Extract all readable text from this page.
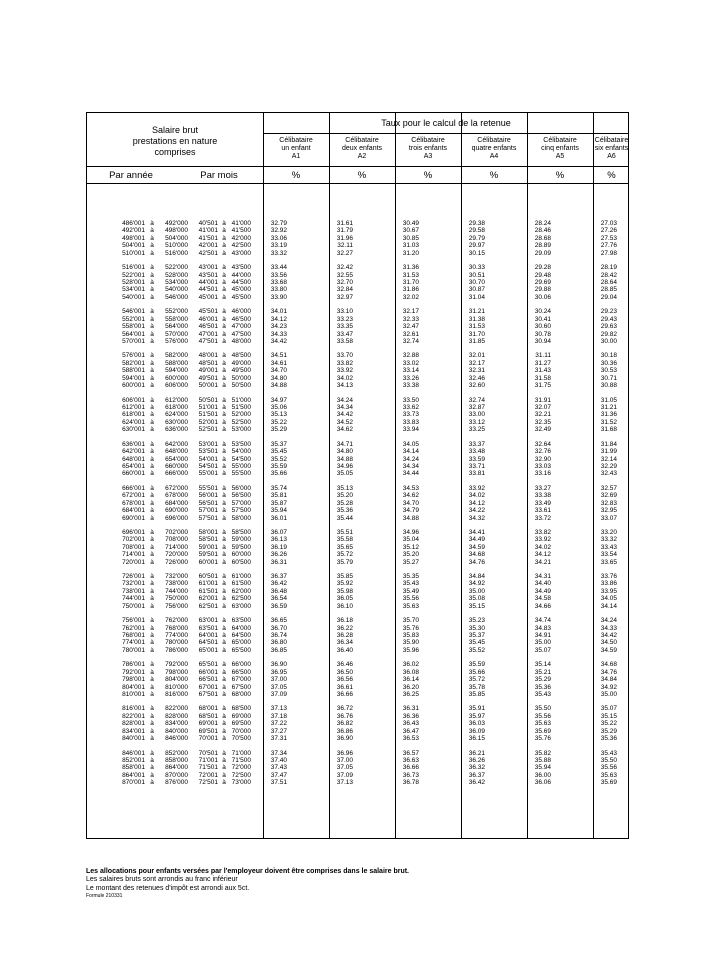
Salaire brut
prestations en nature
comprises
Taux pour le calcul de la retenue
Célibataire
un enfant
A1
Célibataire
deux enfants
A2
Célibataire
trois enfants
A3
Célibataire
quatre enfants
A4
Célibataire
cinq enfants
A5
Célibataire
six enfants
A6
Par année	Par mois	%	%	%	%	%	%
486'001 à	492'000	40'501 à 41'000	32.79	31.61	30.49	29.38	28.24	27.03
492'001 à	498'000	41'001 à 41'500	32.92	31.79	30.67	29.58	28.46	27.26
498'001 à	504'000	41'501 à 42'000	33.06	31.96	30.85	29.79	28.68	27.53
504'001 à	510'000	42'001 à 42'500	33.19	32.11	31.03	29.97	28.89	27.76
510'001 à	516'000	42'501 à 43'000	33.32	32.27	31.20	30.15	29.09	27.98
516'001 à	522'000	43'001 à 43'500	33.44	32.42	31.36	30.33	29.28	28.19
522'001 à	528'000	43'501 à 44'000	33.56	32.55	31.53	30.51	29.48	28.42
528'001 à	534'000	44'001 à 44'500	33.68	32.70	31.70	30.70	29.69	28.64
534'001 à	540'000	44'501 à 45'000	33.80	32.84	31.86	30.87	29.88	28.85
540'001 à	546'000	45'001 à 45'500	33.90	32.97	32.02	31.04	30.06	29.04
546'001 à	552'000	45'501 à 46'000	34.01	33.10	32.17	31.21	30.24	29.23
552'001 à	558'000	46'001 à 46'500	34.12	33.23	32.33	31.38	30.41	29.43
558'001 à	564'000	46'501 à 47'000	34.23	33.35	32.47	31.53	30.60	29.63
564'001 à	570'000	47'001 à 47'500	34.33	33.47	32.61	31.70	30.78	29.82
570'001 à	576'000	47'501 à 48'000	34.42	33.58	32.74	31.85	30.94	30.00
576'001 à	582'000	48'001 à 48'500	34.51	33.70	32.88	32.01	31.11	30.18
582'001 à	588'000	48'501 à 49'000	34.61	33.82	33.02	32.17	31.27	30.36
588'001 à	594'000	49'001 à 49'500	34.70	33.92	33.14	32.31	31.43	30.53
594'001 à	600'000	49'501 à 50'000	34.80	34.02	33.26	32.46	31.58	30.71
600'001 à	606'000	50'001 à 50'500	34.88	34.13	33.38	32.60	31.75	30.88
606'001 à	612'000	50'501 à 51'000	34.97	34.24	33.50	32.74	31.91	31.05
612'001 à	618'000	51'001 à 51'500	35.06	34.34	33.62	32.87	32.07	31.21
618'001 à	624'000	51'501 à 52'000	35.13	34.42	33.73	33.00	32.21	31.36
624'001 à	630'000	52'001 à 52'500	35.22	34.52	33.83	33.12	32.35	31.52
630'001 à	636'000	52'501 à 53'000	35.29	34.62	33.94	33.25	32.49	31.68
636'001 à	642'000	53'001 à 53'500	35.37	34.71	34.05	33.37	32.64	31.84
642'001 à	648'000	53'501 à 54'000	35.45	34.80	34.14	33.48	32.76	31.99
648'001 à	654'000	54'001 à 54'500	35.52	34.88	34.24	33.59	32.90	32.14
654'001 à	660'000	54'501 à 55'000	35.59	34.96	34.34	33.71	33.03	32.29
660'001 à	666'000	55'001 à 55'500	35.66	35.05	34.44	33.81	33.16	32.43
666'001 à	672'000	55'501 à 56'000	35.74	35.13	34.53	33.92	33.27	32.57
672'001 à	678'000	56'001 à 56'500	35.81	35.20	34.62	34.02	33.38	32.69
678'001 à	684'000	56'501 à 57'000	35.87	35.28	34.70	34.12	33.49	32.83
684'001 à	690'000	57'001 à 57'500	35.94	35.36	34.79	34.22	33.61	32.95
690'001 à	696'000	57'501 à 58'000	36.01	35.44	34.88	34.32	33.72	33.07
696'001 à	702'000	58'001 à 58'500	36.07	35.51	34.96	34.41	33.82	33.20
702'001 à	708'000	58'501 à 59'000	36.13	35.58	35.04	34.49	33.92	33.32
708'001 à	714'000	59'001 à 59'500	36.19	35.65	35.12	34.59	34.02	33.43
714'001 à	720'000	59'501 à 60'000	36.26	35.72	35.20	34.68	34.12	33.54
720'001 à	726'000	60'001 à 60'500	36.31	35.79	35.27	34.76	34.21	33.65
726'001 à	732'000	60'501 à 61'000	36.37	35.85	35.35	34.84	34.31	33.76
732'001 à	738'000	61'001 à 61'500	36.42	35.92	35.43	34.92	34.40	33.86
738'001 à	744'000	61'501 à 62'000	36.48	35.98	35.49	35.00	34.49	33.95
744'001 à	750'000	62'001 à 62'500	36.54	36.05	35.56	35.08	34.58	34.05
750'001 à	756'000	62'501 à 63'000	36.59	36.10	35.63	35.15	34.66	34.14
756'001 à	762'000	63'001 à 63'500	36.65	36.18	35.70	35.23	34.74	34.24
762'001 à	768'000	63'501 à 64'000	36.70	36.22	35.76	35.30	34.83	34.33
768'001 à	774'000	64'001 à 64'500	36.74	36.28	35.83	35.37	34.91	34.42
774'001 à	780'000	64'501 à 65'000	36.80	36.34	35.90	35.45	35.00	34.50
780'001 à	786'000	65'001 à 65'500	36.85	36.40	35.96	35.52	35.07	34.59
786'001 à	792'000	65'501 à 66'000	36.90	36.46	36.02	35.59	35.14	34.68
792'001 à	798'000	66'001 à 66'500	36.95	36.50	36.08	35.66	35.21	34.76
798'001 à	804'000	66'501 à 67'000	37.00	36.56	36.14	35.72	35.29	34.84
804'001 à	810'000	67'001 à 67'500	37.05	36.61	36.20	35.78	35.36	34.92
810'001 à	816'000	67'501 à 68'000	37.09	36.66	36.25	35.85	35.43	35.00
816'001 à	822'000	68'001 à 68'500	37.13	36.72	36.31	35.91	35.50	35.07
822'001 à	828'000	68'501 à 69'000	37.18	36.76	36.36	35.97	35.56	35.15
828'001 à	834'000	69'001 à 69'500	37.22	36.82	36.43	36.03	35.63	35.22
834'001 à	840'000	69'501 à 70'000	37.27	36.86	36.47	36.09	35.69	35.29
840'001 à	846'000	70'001 à 70'500	37.31	36.90	36.53	36.15	35.76	35.36
846'001 à	852'000	70'501 à 71'000	37.34	36.96	36.57	36.21	35.82	35.43
852'001 à	858'000	71'001 à 71'500	37.40	37.00	36.63	36.26	35.88	35.50
858'001 à	864'000	71'501 à 72'000	37.43	37.05	36.66	36.32	35.94	35.56
864'001 à	870'000	72'001 à 72'500	37.47	37.09	36.73	36.37	36.00	35.63
870'001 à	876'000	72'501 à 73'000	37.51	37.13	36.78	36.42	36.06	35.69
Les allocations pour enfants versées par l'employeur doivent être comprises dans le salaire brut.
Les salaires bruts sont arrondis au franc inférieur
Le montant des retenues d'impôt est arrondi aux 5ct.
Formule 210331
